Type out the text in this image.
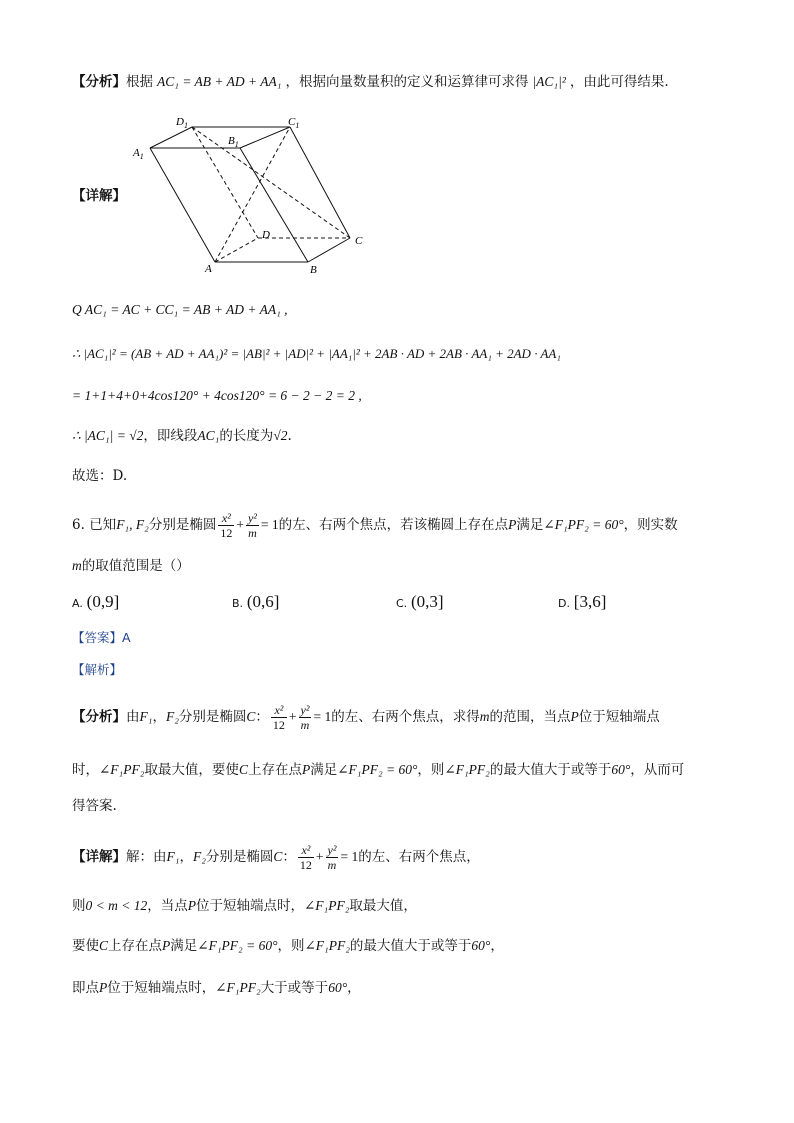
【分析】根据 AC₁ = AB + AD + AA₁ ，根据向量数量积的定义和运算律可求得 |AC₁|² ，由此可得结果.
$D_1$	$C_1$
$A_1$
$B_1$
D	C
A	B
【详解】
Q AC₁ = AC + CC₁ = AB + AD + AA₁ ,
∴ |AC₁|² = (AB + AD + AA₁)² = |AB|² + |AD|² + |AA₁|² + 2AB · AD + 2AB · AA₁ + 2AD · AA₁
= 1+1+4+0+4cos120° + 4cos120° = 6 − 2 − 2 = 2 ,
∴ |AC₁| = √2，即线段AC₁的长度为√2.
故选：D.
6. 已知F₁, F₂分别是椭圆 $\frac{\text{x²}}{12} + \frac{\text{y²}}{m} = 1$的左、右两个焦点，若该椭圆上存在点P满足∠F₁PF₂ = 60°，则实数
m的取值范围是（）
A. (0,9]	B. (0,6]	C. (0,3]	D. [3,6]
【答案】A
【解析】
【分析】由F₁，F₂分别是椭圆C： $\frac{\text{x²}}{12} + \frac{\text{y²}}{m} = 1$的左、右两个焦点，求得m的范围，当点P位于短轴端点
时，∠F₁PF₂取最大值，要使C上存在点P满足∠F₁PF₂ = 60°，则∠F₁PF₂的最大值大于或等于60°，从而可
得答案.
【详解】解：由F₁，F₂分别是椭圆C： $\frac{\text{x²}}{12} + \frac{\text{y²}}{m} = 1$的左、右两个焦点，
则0 < m < 12，当点P位于短轴端点时，∠F₁PF₂取最大值，
要使C上存在点P满足∠F₁PF₂ = 60°，则∠F₁PF₂的最大值大于或等于60°，
即点P位于短轴端点时，∠F₁PF₂大于或等于60°，
